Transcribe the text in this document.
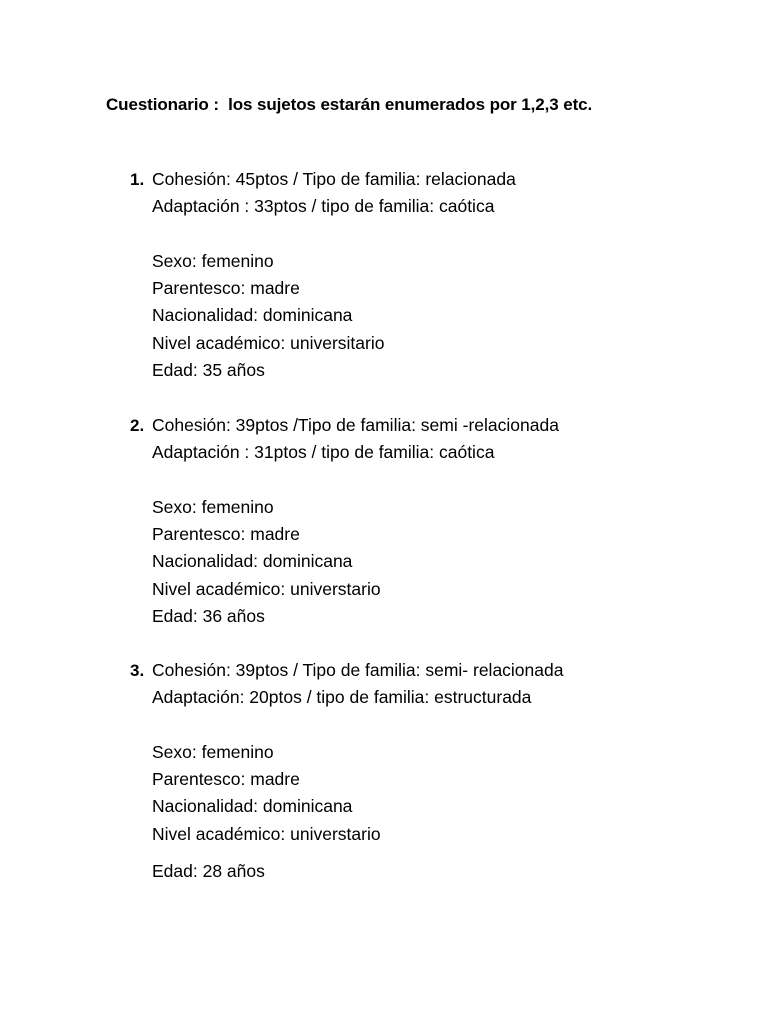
Cuestionario :  los sujetos estarán enumerados por 1,2,3 etc.
1. Cohesión: 45ptos / Tipo de familia: relacionada
Adaptación : 33ptos / tipo de familia: caótica
Sexo: femenino
Parentesco: madre
Nacionalidad: dominicana
Nivel académico: universitario
Edad: 35 años
2. Cohesión: 39ptos /Tipo de familia: semi -relacionada
Adaptación : 31ptos / tipo de familia: caótica
Sexo: femenino
Parentesco: madre
Nacionalidad: dominicana
Nivel académico: universtario
Edad: 36 años
3. Cohesión: 39ptos / Tipo de familia: semi- relacionada
Adaptación: 20ptos / tipo de familia: estructurada
Sexo: femenino
Parentesco: madre
Nacionalidad: dominicana
Nivel académico: universtario
Edad: 28 años
